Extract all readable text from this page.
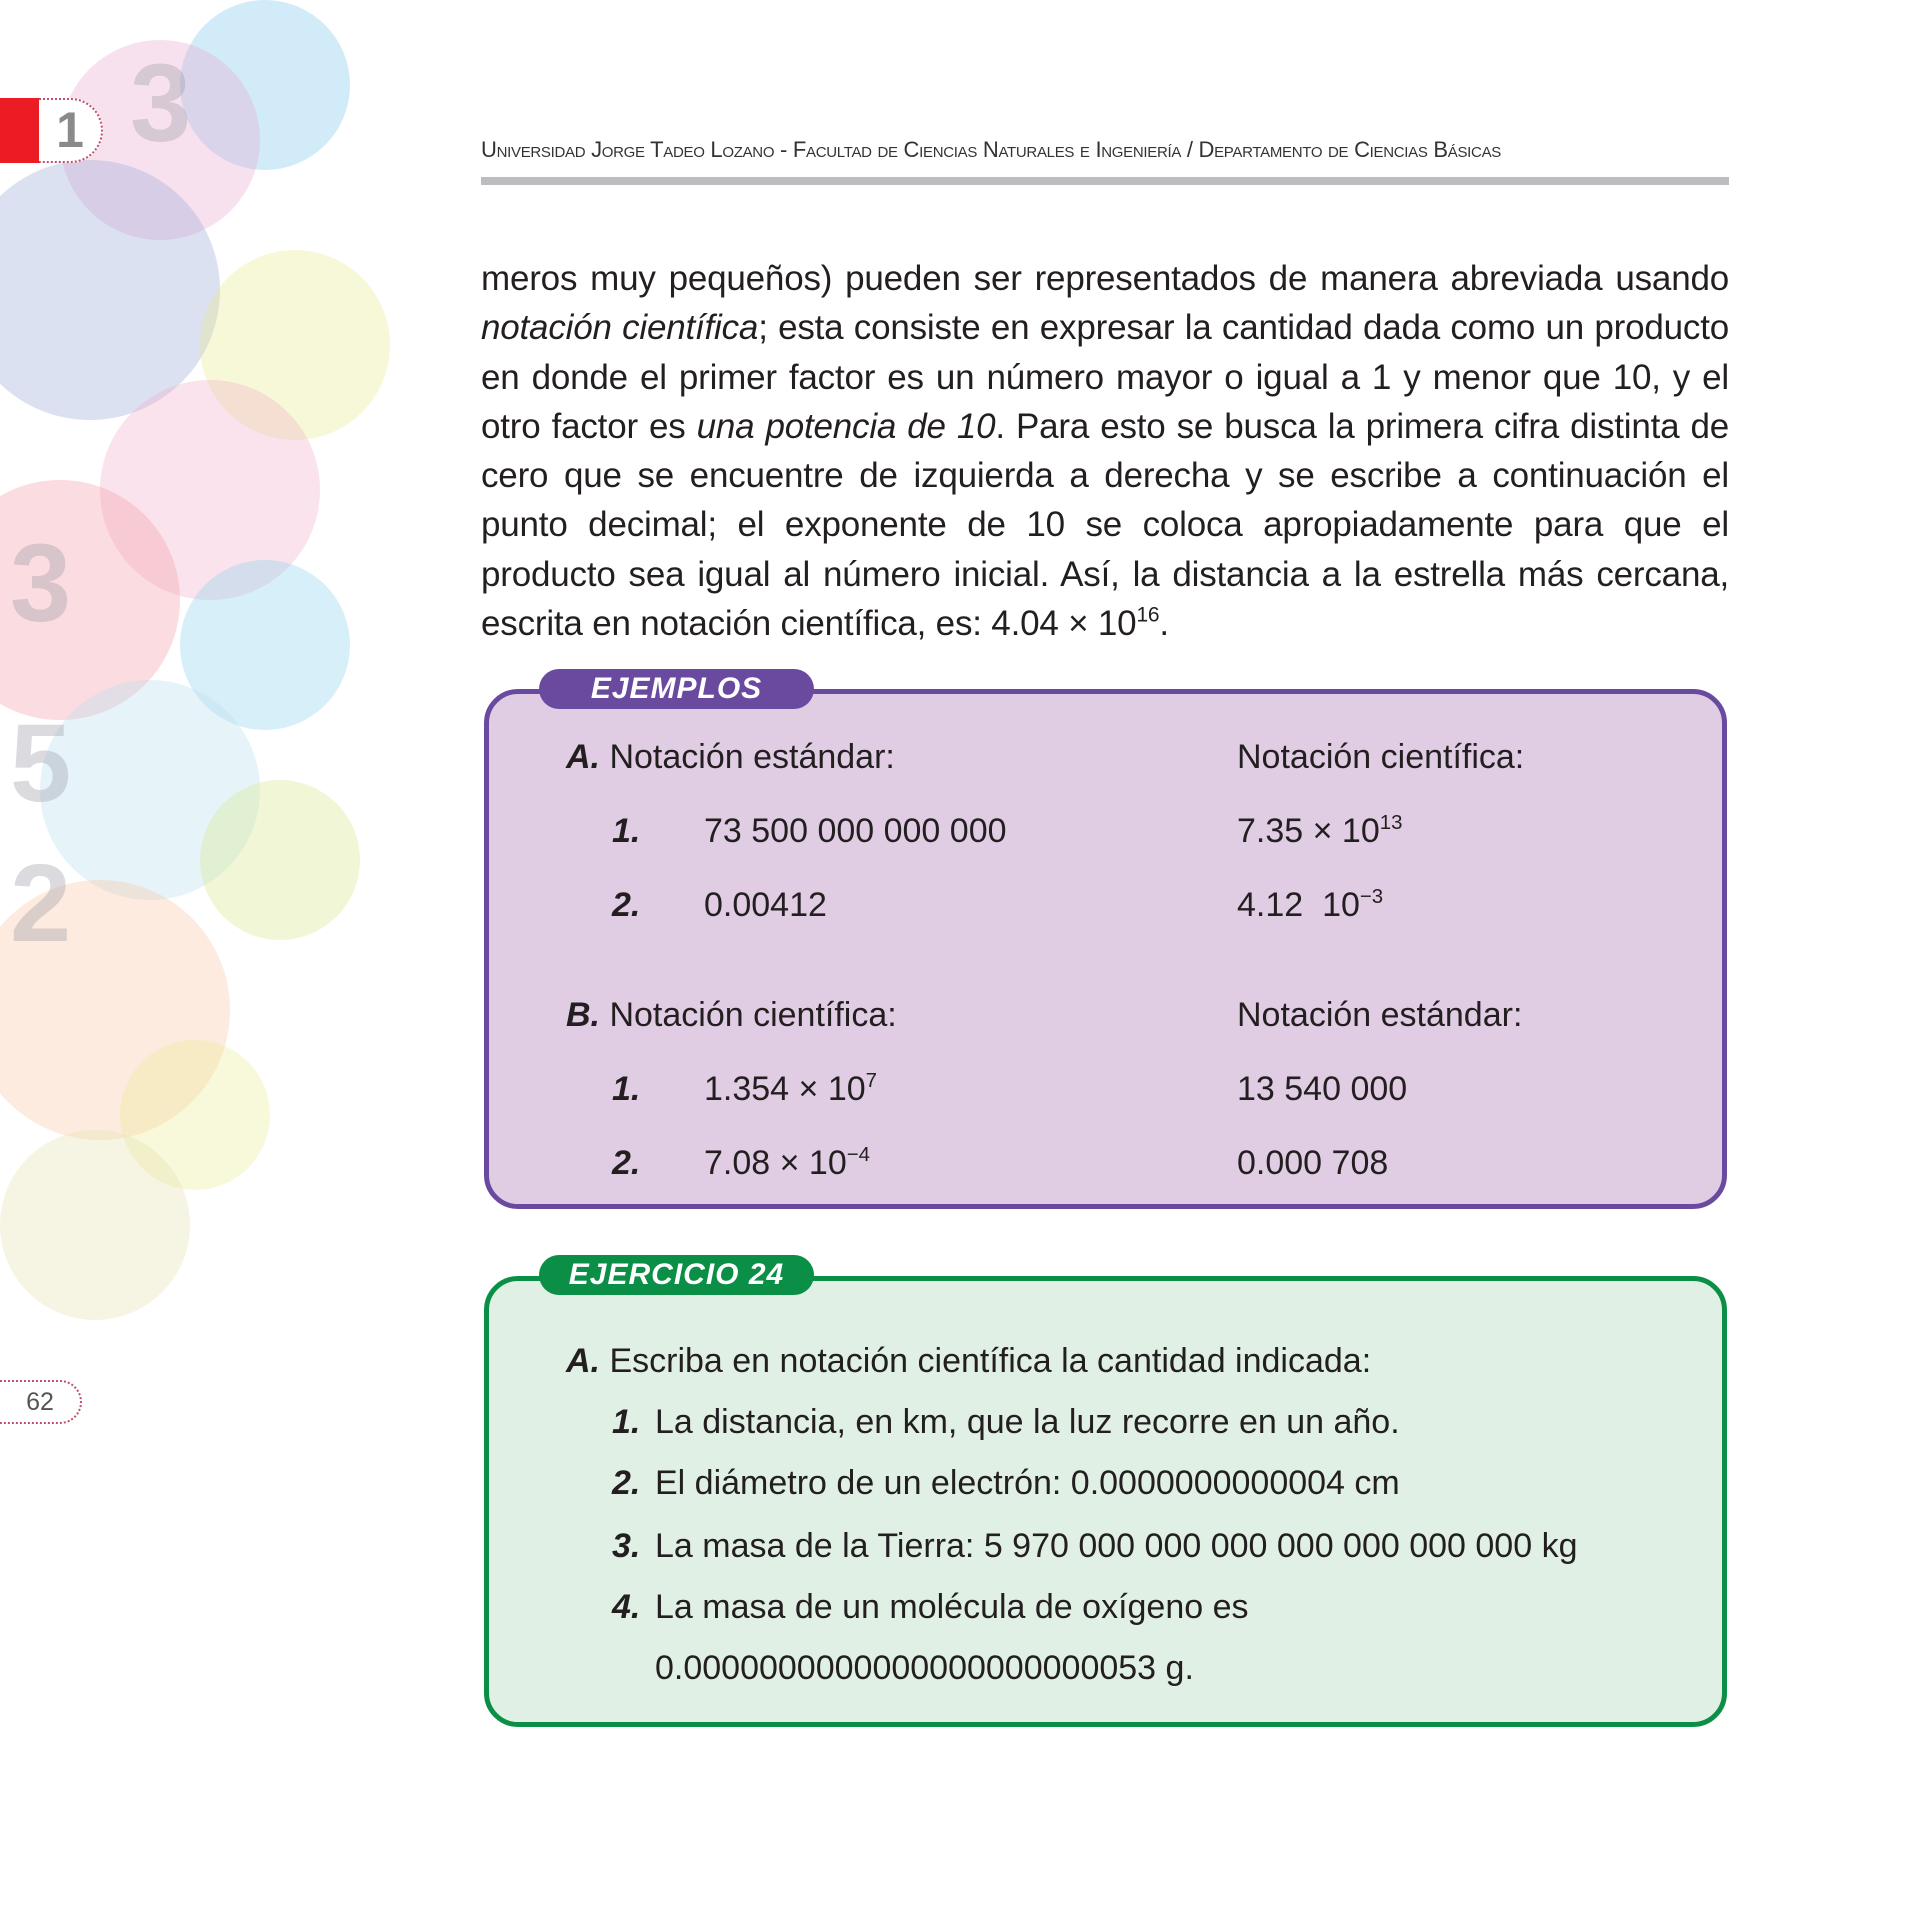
3
3
5
2
1
62
Universidad Jorge Tadeo Lozano - Facultad de Ciencias Naturales e Ingeniería / Departamento de Ciencias Básicas

meros muy pequeños) pueden ser representados de manera abreviada usando notación científica; esta consiste en expresar la cantidad dada como un producto en donde el primer factor es un número mayor o igual a 1 y menor que 10, y el otro factor es una potencia de 10. Para esto se busca la primera cifra distinta de cero que se encuentre de izquierda a derecha y se escribe a continuación el punto decimal; el exponente de 10 se coloca apropiadamente para que el producto sea igual al número inicial. Así, la distancia a la estrella más cercana, escrita en notación científica, es: $4.04 \times 10^{16}$.

EJEMPLOS
A. Notación estándar:	Notación científica:
1. 73 500 000 000 000	$7.35 \times 10^{13}$
2. 0.00412	4.12  $10^{-3}$
B. Notación científica:	Notación estándar:
1. $1.354 \times 10^7$	13 540 000
2. $7.08 \times 10^{-4}$	0.000 708
EJERCICIO 24
A. Escriba en notación científica la cantidad indicada:
1. La distancia, en km, que la luz recorre en un año.
2. El diámetro de un electrón: 0.0000000000004 cm
3. La masa de la Tierra: 5 970 000 000 000 000 000 000 000 kg
4. La masa de un molécula de oxígeno es
0.0000000000000000000000053 g.
